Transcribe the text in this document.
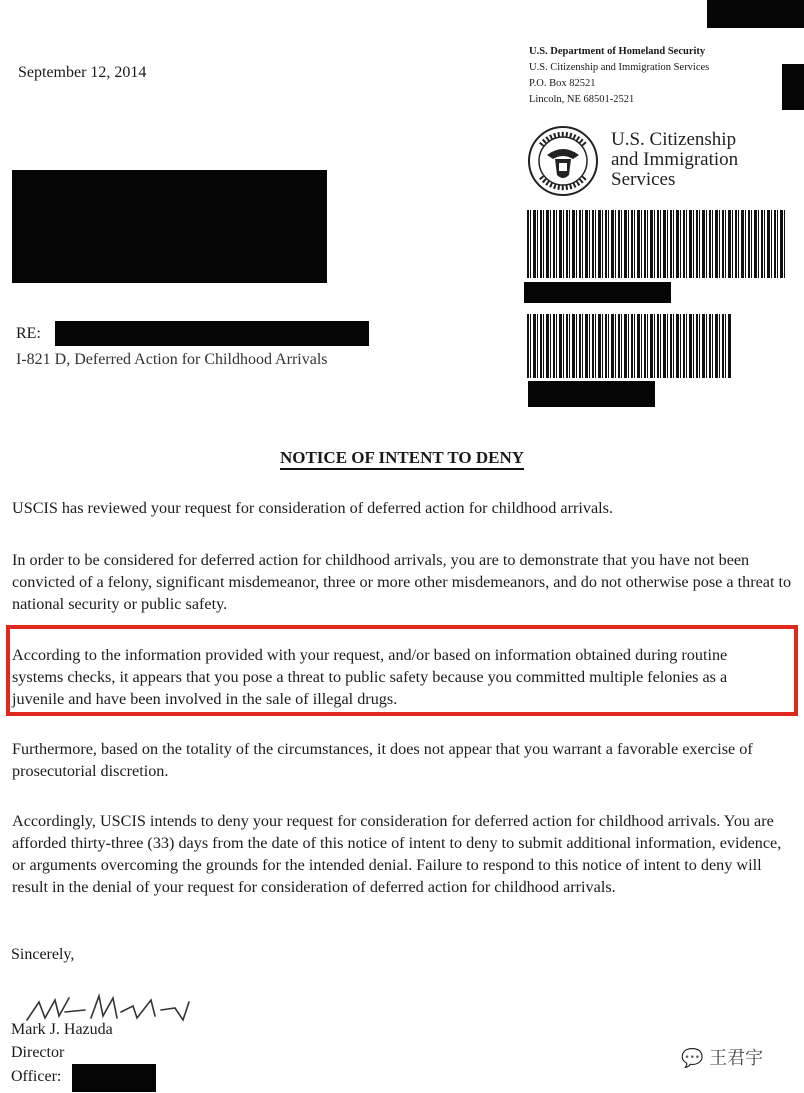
September 12, 2014
U.S. Department of Homeland Security
U.S. Citizenship and Immigration Services
P.O. Box 82521
Lincoln, NE 68501-2521
U.S. Citizenship
and Immigration
Services
RE:
I-821 D, Deferred Action for Childhood Arrivals
NOTICE OF INTENT TO DENY
USCIS has reviewed your request for consideration of deferred action for childhood arrivals.
In order to be considered for deferred action for childhood arrivals, you are to demonstrate that you have not been convicted of a felony, significant misdemeanor, three or more other misdemeanors, and do not otherwise pose a threat to national security or public safety.
According to the information provided with your request, and/or based on information obtained during routine systems checks, it appears that you pose a threat to public safety because you committed multiple felonies as a juvenile and have been involved in the sale of illegal drugs.
Furthermore, based on the totality of the circumstances, it does not appear that you warrant a favorable exercise of prosecutorial discretion.
Accordingly, USCIS intends to deny your request for consideration for deferred action for childhood arrivals. You are afforded thirty-three (33) days from the date of this notice of intent to deny to submit additional information, evidence, or arguments overcoming the grounds for the intended denial. Failure to respond to this notice of intent to deny will result in the denial of your request for consideration of deferred action for childhood arrivals.
Sincerely,
Mark J. Hazuda
Director
Officer:
💬 王君宇
